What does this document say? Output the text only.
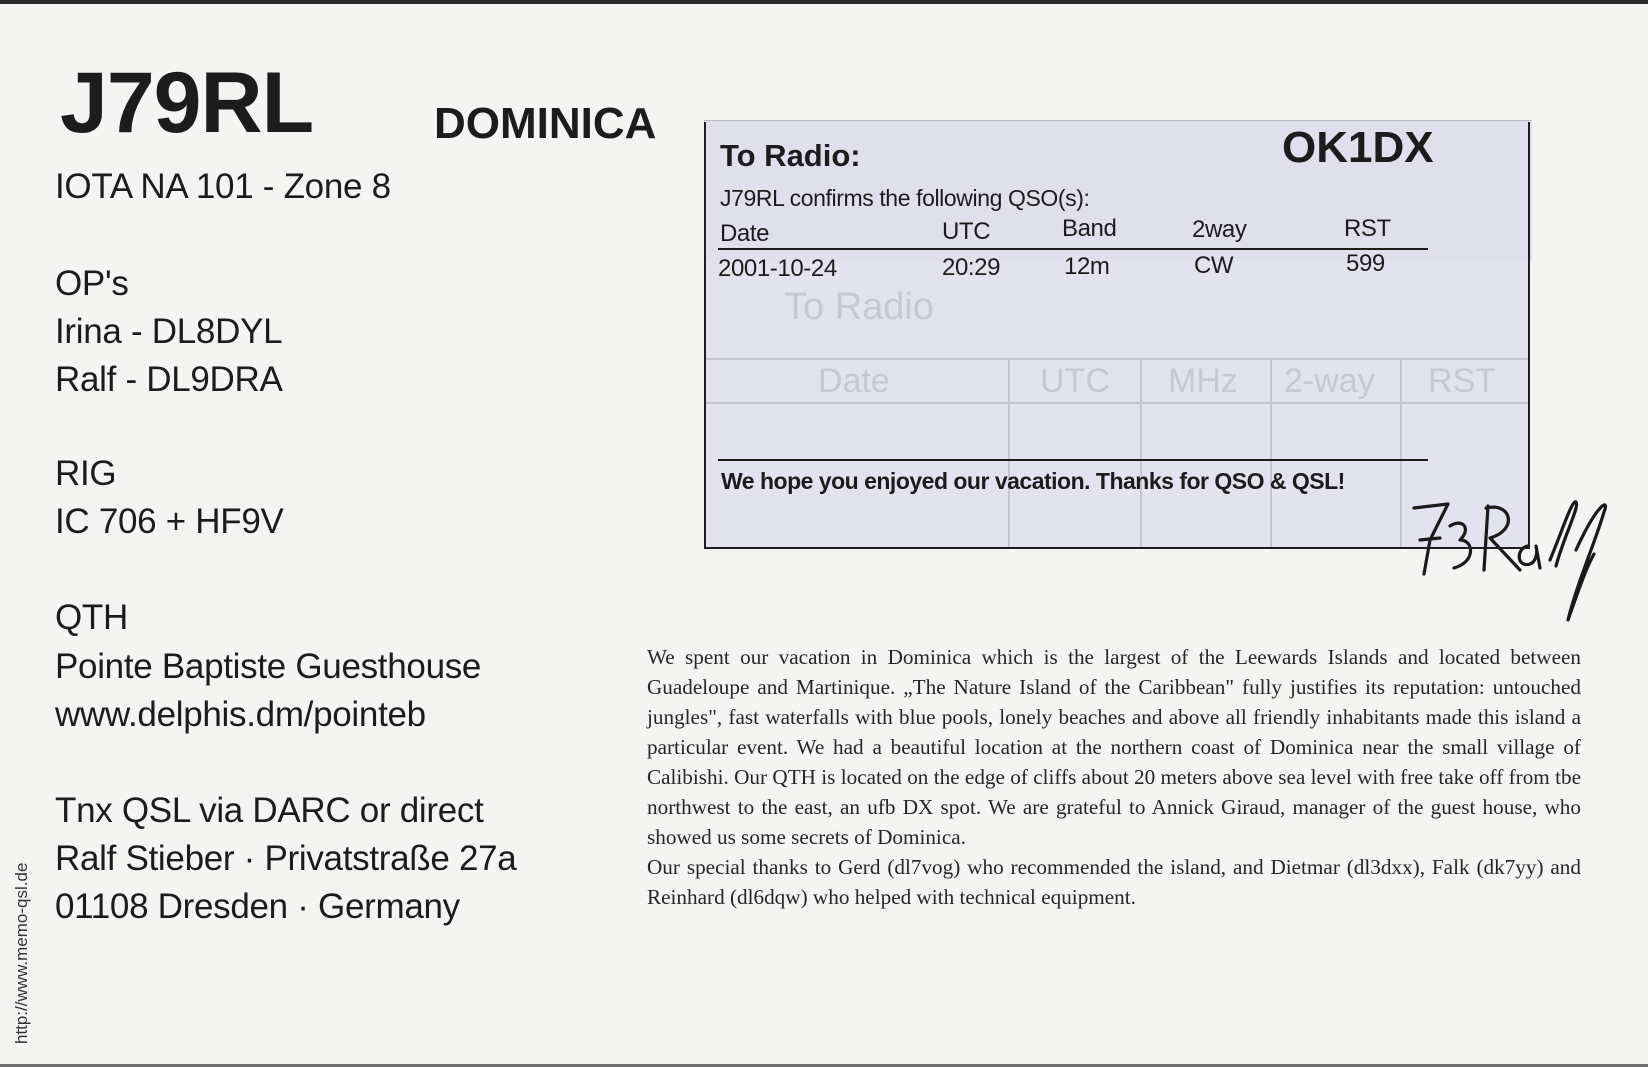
J79RL	DOMINICA
IOTA NA 101 - Zone 8
OP's
Irina - DL8DYL
Ralf - DL9DRA
RIG
IC 706 + HF9V
QTH
Pointe Baptiste Guesthouse
www.delphis.dm/pointeb
Tnx QSL via DARC or direct
Ralf Stieber · Privatstraße 27a
01108 Dresden · Germany
http://www.memo-qsl.de
To Radio
Date	UTC MHz 2-way RST
To Radio:	OK1DX
J79RL confirms the following QSO(s):
Date	UTC	Band	2way	RST
2001-10-24	20:29	12m	CW	599
We hope you enjoyed our vacation. Thanks for QSO & QSL!

We spent our vacation in Dominica which is the largest of the Leewards Islands and located between Guadeloupe and Martinique. „The Nature Island of the Caribbean" fully justifies its reputation: untouched jungles", fast waterfalls with blue pools, lonely beaches and above all friendly inhabitants made this island a particular event. We had a beautiful location at the northern coast of Dominica near the small village of Calibishi. Our QTH is located on the edge of cliffs about 20 meters above sea level with free take off from tbe northwest to the east, an ufb DX spot. We are grateful to Annick Giraud, manager of the guest house, who showed us some secrets of Dominica.

Our special thanks to Gerd (dl7vog) who recommended the island, and Dietmar (dl3dxx), Falk (dk7yy) and Reinhard (dl6dqw) who helped with technical equipment.
